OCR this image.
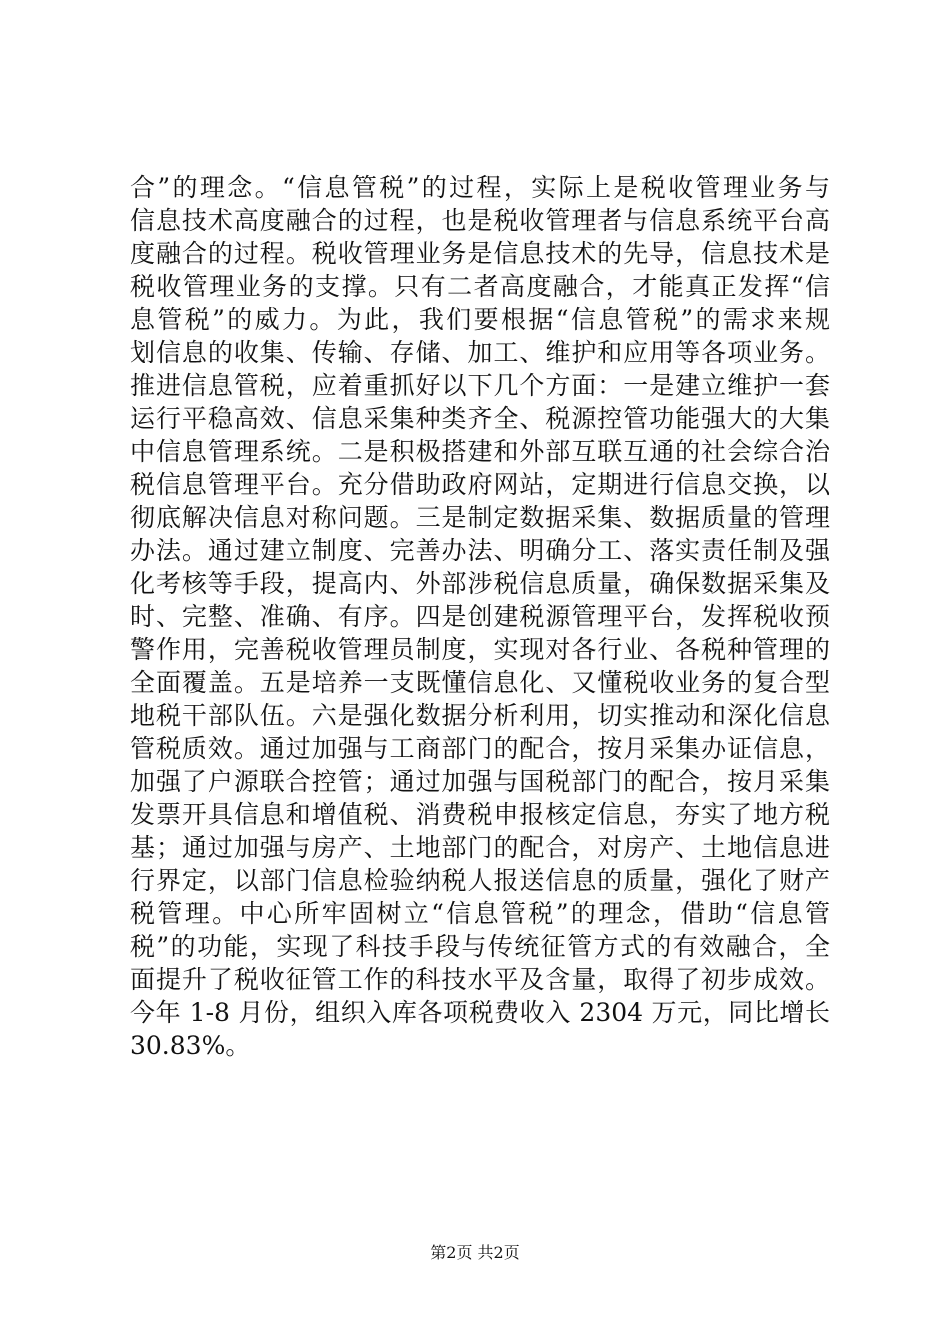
合”的理念。“信息管税”的过程，实际上是税收管理业务与
信息技术高度融合的过程，也是税收管理者与信息系统平台高
度融合的过程。税收管理业务是信息技术的先导，信息技术是
税收管理业务的支撑。只有二者高度融合，才能真正发挥“信
息管税”的威力。为此，我们要根据“信息管税”的需求来规
划信息的收集、传输、存储、加工、维护和应用等各项业务。
推进信息管税，应着重抓好以下几个方面：一是建立维护一套
运行平稳高效、信息采集种类齐全、税源控管功能强大的大集
中信息管理系统。二是积极搭建和外部互联互通的社会综合治
税信息管理平台。充分借助政府网站，定期进行信息交换，以
彻底解决信息对称问题。三是制定数据采集、数据质量的管理
办法。通过建立制度、完善办法、明确分工、落实责任制及强
化考核等手段，提高内、外部涉税信息质量，确保数据采集及
时、完整、准确、有序。四是创建税源管理平台，发挥税收预
警作用，完善税收管理员制度，实现对各行业、各税种管理的
全面覆盖。五是培养一支既懂信息化、又懂税收业务的复合型
地税干部队伍。六是强化数据分析利用，切实推动和深化信息
管税质效。通过加强与工商部门的配合，按月采集办证信息，
加强了户源联合控管；通过加强与国税部门的配合，按月采集
发票开具信息和增值税、消费税申报核定信息，夯实了地方税
基；通过加强与房产、土地部门的配合，对房产、土地信息进
行界定，以部门信息检验纳税人报送信息的质量，强化了财产
税管理。中心所牢固树立“信息管税”的理念，借助“信息管
税”的功能，实现了科技手段与传统征管方式的有效融合，全
面提升了税收征管工作的科技水平及含量，取得了初步成效。
今年 1-8 月份，组织入库各项税费收入 2304 万元，同比增长
30.83%。
第2页 共2页
